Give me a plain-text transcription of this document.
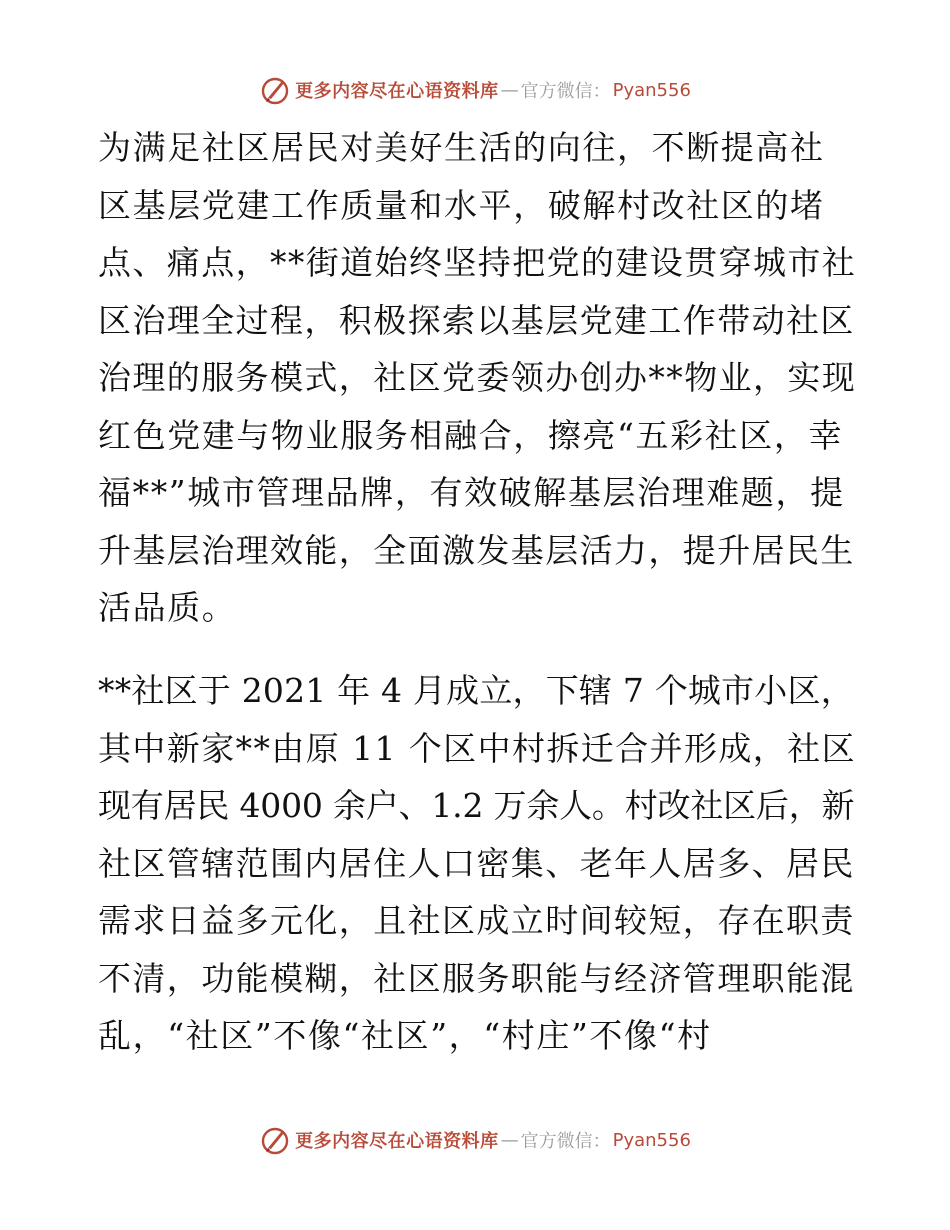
更多内容尽在心语资料库 — 官方微信： Pyan556
为满足社区居民对美好生活的向往，不断提高社
区基层党建工作质量和水平，破解村改社区的堵
点、痛点，**街道始终坚持把党的建设贯穿城市社
区治理全过程，积极探索以基层党建工作带动社区
治理的服务模式，社区党委领办创办**物业，实现
红色党建与物业服务相融合，擦亮“五彩社区，幸
福**”城市管理品牌，有效破解基层治理难题，提
升基层治理效能，全面激发基层活力，提升居民生
活品质。
**社区于 2021 年 4 月成立，下辖 7 个城市小区，
其中新家**由原 11 个区中村拆迁合并形成，社区
现有居民 4000 余户、1.2 万余人。村改社区后，新
社区管辖范围内居住人口密集、老年人居多、居民
需求日益多元化，且社区成立时间较短，存在职责
不清，功能模糊，社区服务职能与经济管理职能混
乱，“社区”不像“社区”，“村庄”不像“村
更多内容尽在心语资料库 — 官方微信： Pyan556
